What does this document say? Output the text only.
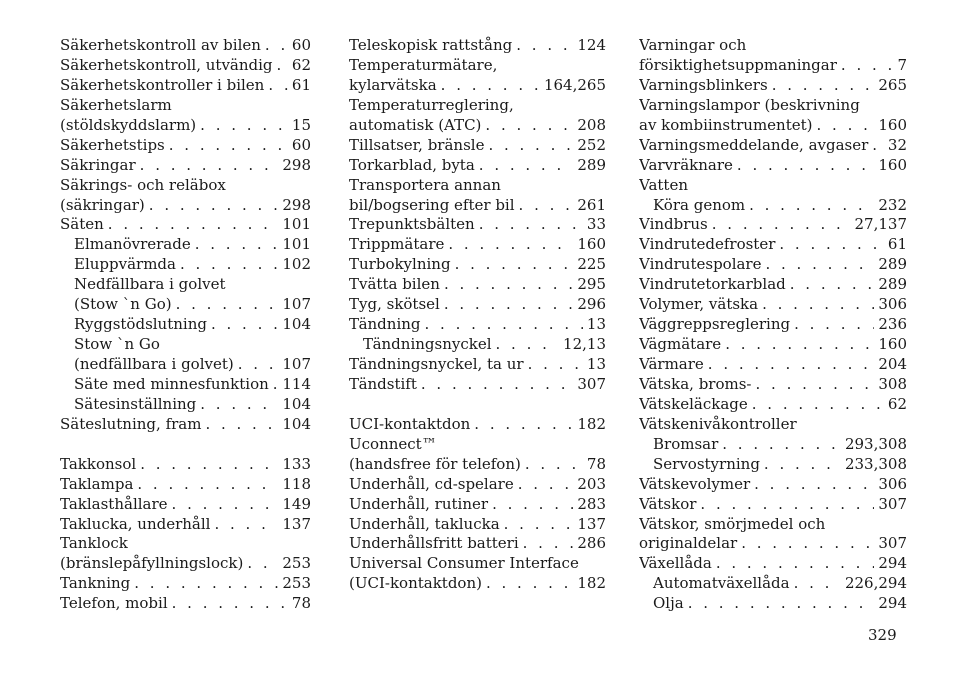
Säkerhetskontroll av bilen . . . 60
Säkerhetskontroll, utvändig . . . 62
Säkerhetskontroller i bilen . . . 61
Säkerhetslarm
(stöldskyddslarm) . . .	15
Säkerhetstips . . .	60
Säkringar . . .	298
Säkrings- och reläbox
(säkringar) . . .	298
Säten . . .	101
Elmanövrerade . . .	101
Eluppvärmda . . .	102
Nedfällbara i golvet
(Stow `n Go) . . .	107
Ryggstödslutning . . .	104
Stow `n Go
(nedfällbara i golvet) . . .	107
Säte med minnesfunktion . . . 114
Sätesinställning . . .	104
Säteslutning, fram . . .	104
Takkonsol . . .	133
Taklampa . . .	118
Taklasthållare . . .	149
Taklucka, underhåll . . .	137
Tanklock
(bränslepåfyllningslock) . . .	253
Tankning . . .	253
Telefon, mobil . . .	78
Teleskopisk rattstång . . .	124
Temperaturmätare,
kylarvätska . . .	164,265
Temperaturreglering,
automatisk (ATC) . . .	208
Tillsatser, bränsle . . .	252
Torkarblad, byta . . .	289
Transportera annan
bil/bogsering efter bil . . .	261
Trepunktsbälten . . .	33
Trippmätare . . .	160
Turbokylning . . .	225
Tvätta bilen . . .	295
Tyg, skötsel . . .	296
Tändning . . .	13
Tändningsnyckel . . .	12,13
Tändningsnyckel, ta ur . . .	13
Tändstift . . .	307
UCI-kontaktdon . . .	182
Uconnect™
(handsfree för telefon) . . .	78
Underhåll, cd-spelare . . .	203
Underhåll, rutiner . . .	283
Underhåll, taklucka . . .	137
Underhållsfritt batteri . . .	286
Universal Consumer Interface
(UCI-kontaktdon) . . .	182
Varningar och
försiktighetsuppmaningar . . .	7
Varningsblinkers . . .	265
Varningslampor (beskrivning
av kombiinstrumentet) . . .	160
Varningsmeddelande, avgaser . . . 32
Varvräknare . . .	160
Vatten
Köra genom . . .	232
Vindbrus . . .	27,137
Vindrutedefroster . . .	61
Vindrutespolare . . .	289
Vindrutetorkarblad . . .	289
Volymer, vätska . . .	306
Väggreppsreglering . . .	236
Vägmätare . . .	160
Värmare . . .	204
Vätska, broms- . . .	308
Vätskeläckage . . .	62
Vätskenivåkontroller
Bromsar . . .	293,308
Servostyrning . . .	233,308
Vätskevolymer . . .	306
Vätskor . . .	307
Vätskor, smörjmedel och
originaldelar . . .	307
Växellåda . . .	294
Automatväxellåda . . .	226,294
Olja . . .	294
329
